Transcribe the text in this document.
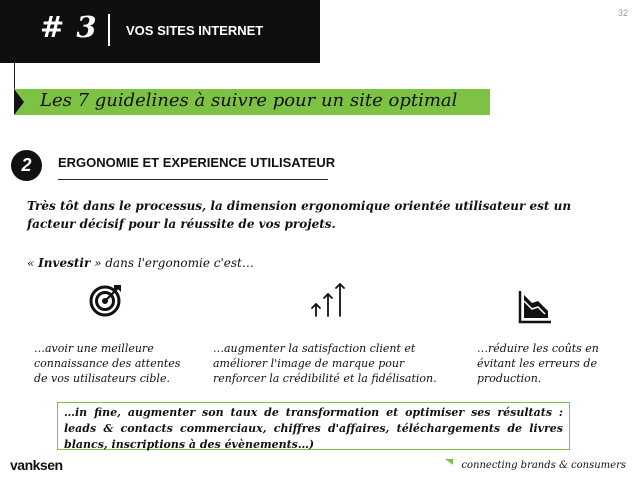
# 3 VOS SITES INTERNET
32
Les 7 guidelines à suivre pour un site optimal
2	ERGONOMIE ET EXPERIENCE UTILISATEUR
Très tôt dans le processus, la dimension ergonomique orientée utilisateur est un facteur décisif pour la réussite de vos projets.
« Investir » dans l'ergonomie c'est…
…avoir une meilleure connaissance des attentes de vos utilisateurs cible.
…augmenter la satisfaction client et améliorer l'image de marque pour renforcer la crédibilité et la fidélisation.
…réduire les coûts en évitant les erreurs de production.
…in fine, augmenter son taux de transformation et optimiser ses résultats : leads & contacts commerciaux, chiffres d'affaires, téléchargements de livres blancs, inscriptions à des évènements…)
vanksen	connecting brands & consumers
